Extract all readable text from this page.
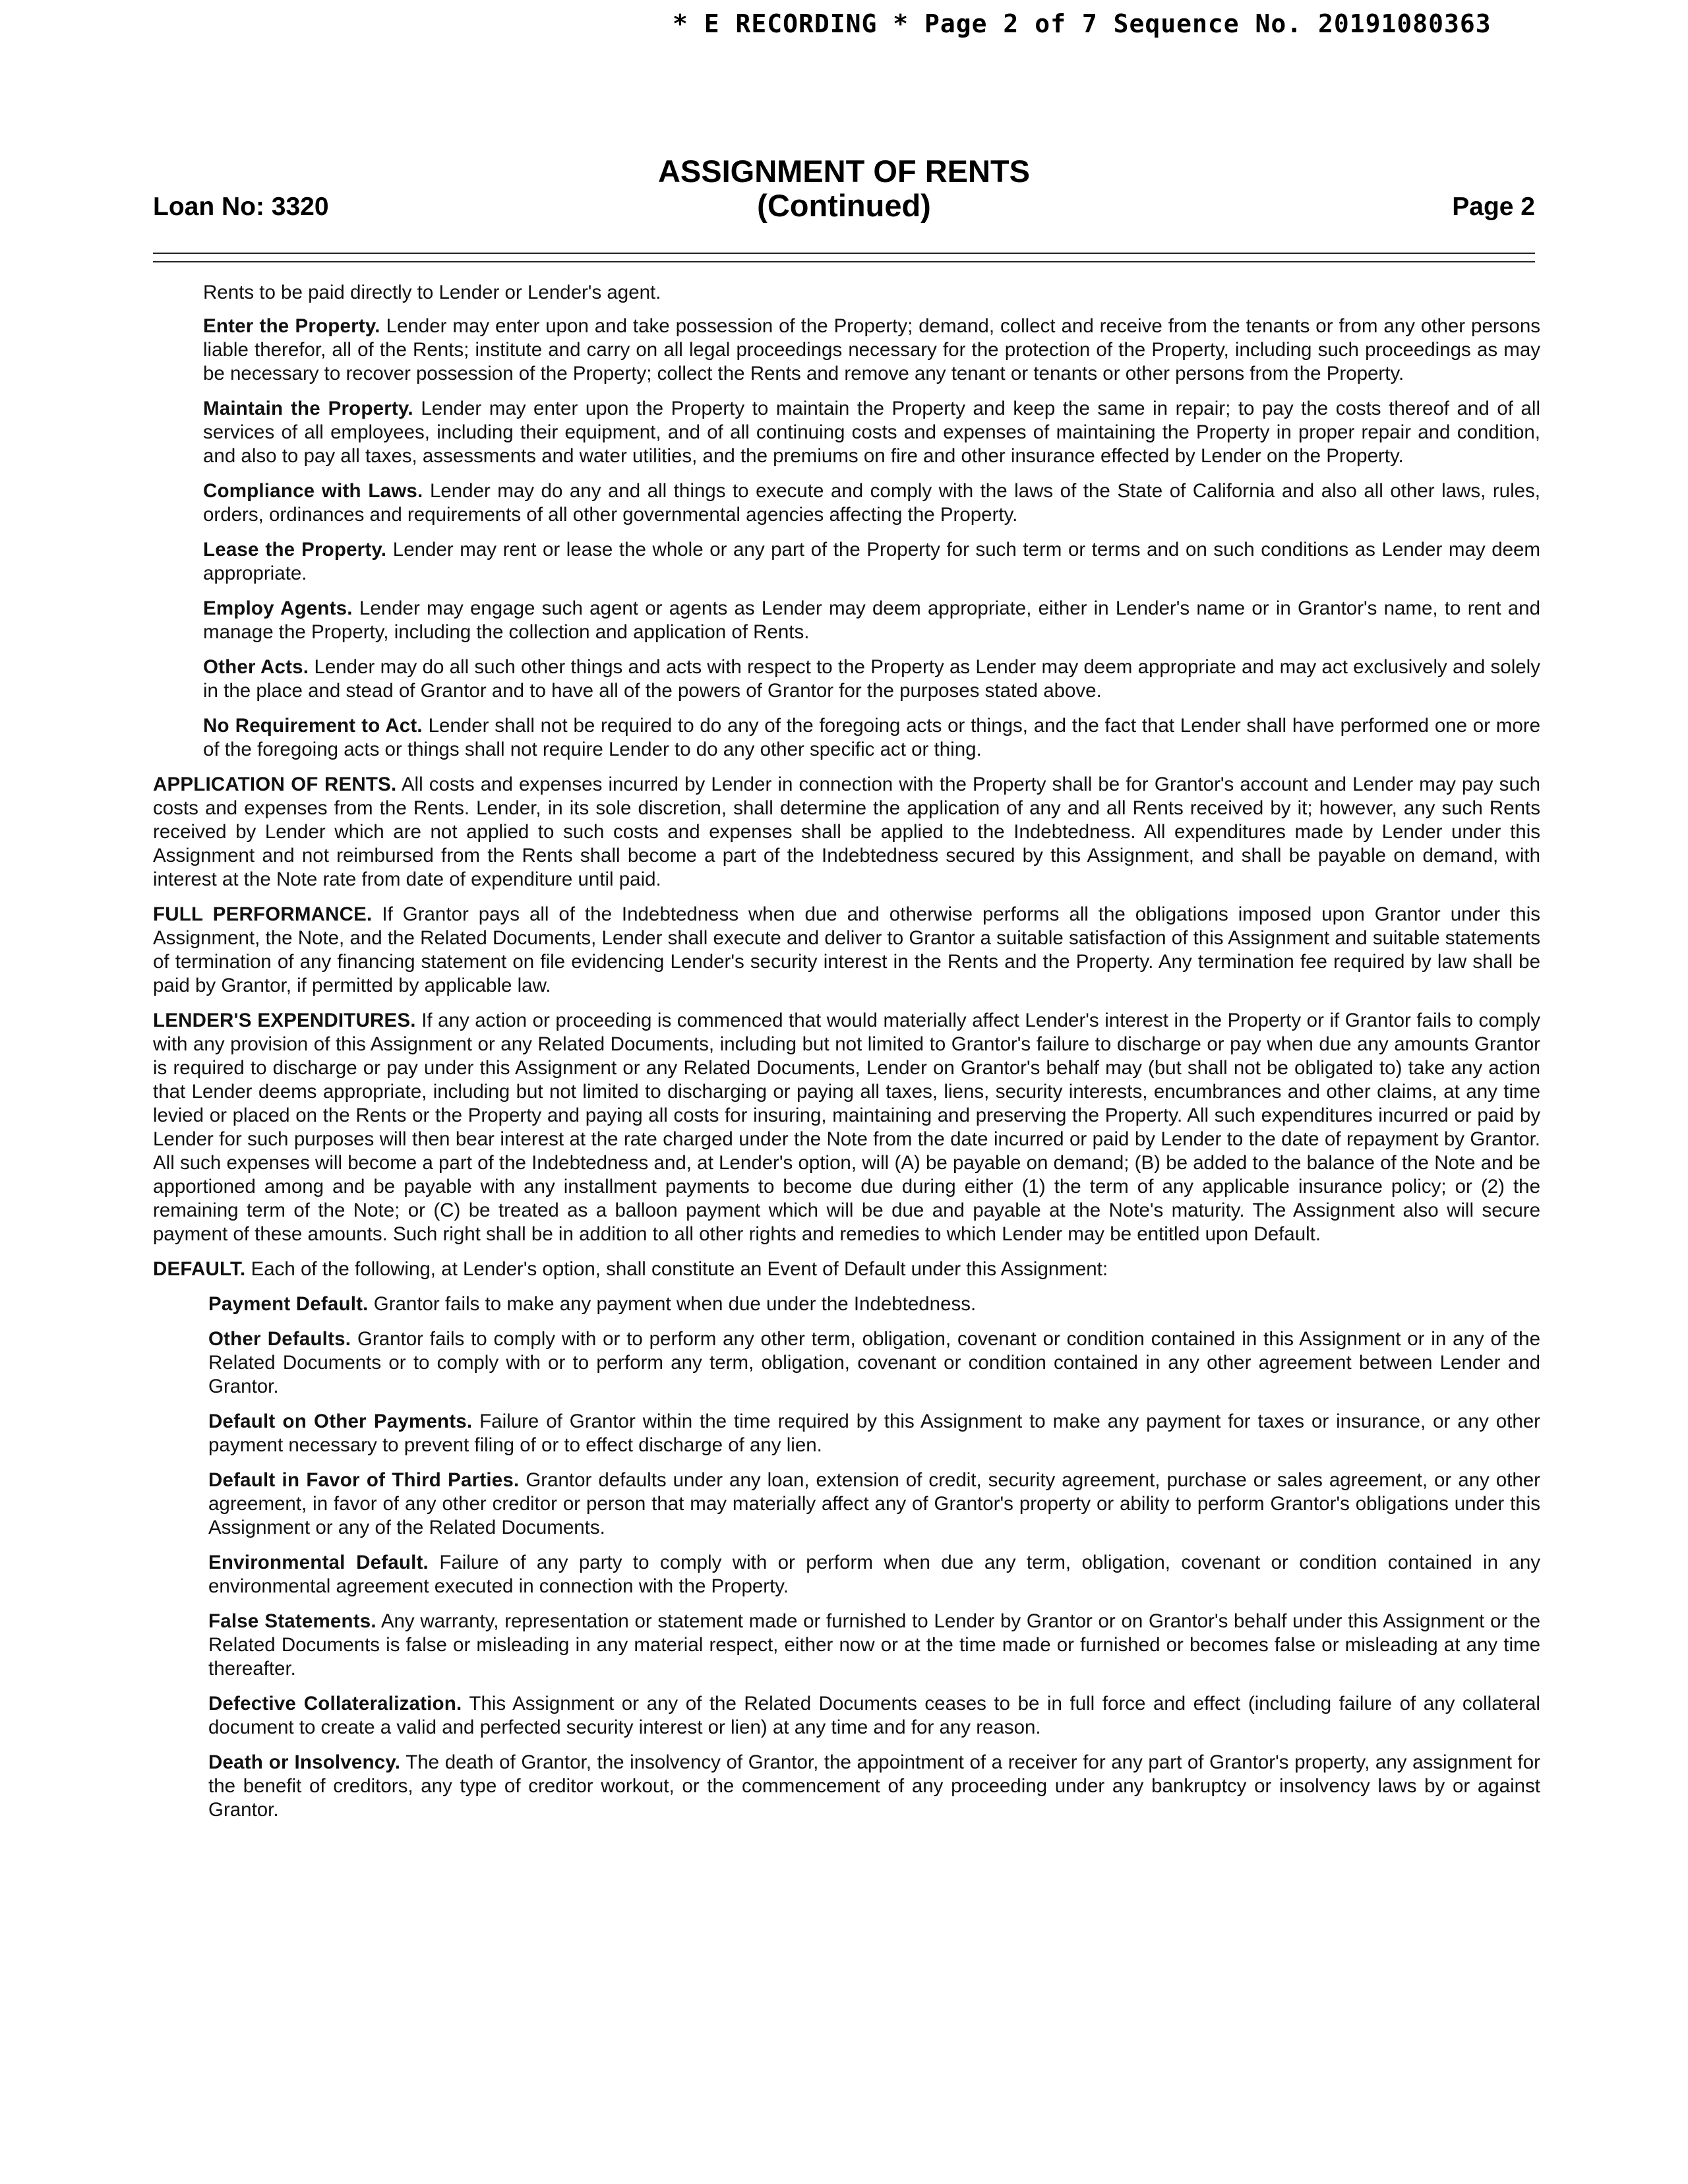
* E RECORDING * Page 2 of 7 Sequence No. 20191080363
ASSIGNMENT OF RENTS
(Continued)
Loan No: 3320	Page 2

Rents to be paid directly to Lender or Lender's agent.

Enter the Property. Lender may enter upon and take possession of the Property; demand, collect and receive from the tenants or from any other persons liable therefor, all of the Rents; institute and carry on all legal proceedings necessary for the protection of the Property, including such proceedings as may be necessary to recover possession of the Property; collect the Rents and remove any tenant or tenants or other persons from the Property.

Maintain the Property. Lender may enter upon the Property to maintain the Property and keep the same in repair; to pay the costs thereof and of all services of all employees, including their equipment, and of all continuing costs and expenses of maintaining the Property in proper repair and condition, and also to pay all taxes, assessments and water utilities, and the premiums on fire and other insurance effected by Lender on the Property.

Compliance with Laws. Lender may do any and all things to execute and comply with the laws of the State of California and also all other laws, rules, orders, ordinances and requirements of all other governmental agencies affecting the Property.

Lease the Property. Lender may rent or lease the whole or any part of the Property for such term or terms and on such conditions as Lender may deem appropriate.

Employ Agents. Lender may engage such agent or agents as Lender may deem appropriate, either in Lender's name or in Grantor's name, to rent and manage the Property, including the collection and application of Rents.

Other Acts. Lender may do all such other things and acts with respect to the Property as Lender may deem appropriate and may act exclusively and solely in the place and stead of Grantor and to have all of the powers of Grantor for the purposes stated above.

No Requirement to Act. Lender shall not be required to do any of the foregoing acts or things, and the fact that Lender shall have performed one or more of the foregoing acts or things shall not require Lender to do any other specific act or thing.

APPLICATION OF RENTS. All costs and expenses incurred by Lender in connection with the Property shall be for Grantor's account and Lender may pay such costs and expenses from the Rents. Lender, in its sole discretion, shall determine the application of any and all Rents received by it; however, any such Rents received by Lender which are not applied to such costs and expenses shall be applied to the Indebtedness. All expenditures made by Lender under this Assignment and not reimbursed from the Rents shall become a part of the Indebtedness secured by this Assignment, and shall be payable on demand, with interest at the Note rate from date of expenditure until paid.

FULL PERFORMANCE. If Grantor pays all of the Indebtedness when due and otherwise performs all the obligations imposed upon Grantor under this Assignment, the Note, and the Related Documents, Lender shall execute and deliver to Grantor a suitable satisfaction of this Assignment and suitable statements of termination of any financing statement on file evidencing Lender's security interest in the Rents and the Property. Any termination fee required by law shall be paid by Grantor, if permitted by applicable law.

LENDER'S EXPENDITURES. If any action or proceeding is commenced that would materially affect Lender's interest in the Property or if Grantor fails to comply with any provision of this Assignment or any Related Documents, including but not limited to Grantor's failure to discharge or pay when due any amounts Grantor is required to discharge or pay under this Assignment or any Related Documents, Lender on Grantor's behalf may (but shall not be obligated to) take any action that Lender deems appropriate, including but not limited to discharging or paying all taxes, liens, security interests, encumbrances and other claims, at any time levied or placed on the Rents or the Property and paying all costs for insuring, maintaining and preserving the Property. All such expenditures incurred or paid by Lender for such purposes will then bear interest at the rate charged under the Note from the date incurred or paid by Lender to the date of repayment by Grantor. All such expenses will become a part of the Indebtedness and, at Lender's option, will (A) be payable on demand; (B) be added to the balance of the Note and be apportioned among and be payable with any installment payments to become due during either (1) the term of any applicable insurance policy; or (2) the remaining term of the Note; or (C) be treated as a balloon payment which will be due and payable at the Note's maturity. The Assignment also will secure payment of these amounts. Such right shall be in addition to all other rights and remedies to which Lender may be entitled upon Default.

DEFAULT. Each of the following, at Lender's option, shall constitute an Event of Default under this Assignment:

Payment Default. Grantor fails to make any payment when due under the Indebtedness.

Other Defaults. Grantor fails to comply with or to perform any other term, obligation, covenant or condition contained in this Assignment or in any of the Related Documents or to comply with or to perform any term, obligation, covenant or condition contained in any other agreement between Lender and Grantor.

Default on Other Payments. Failure of Grantor within the time required by this Assignment to make any payment for taxes or insurance, or any other payment necessary to prevent filing of or to effect discharge of any lien.

Default in Favor of Third Parties. Grantor defaults under any loan, extension of credit, security agreement, purchase or sales agreement, or any other agreement, in favor of any other creditor or person that may materially affect any of Grantor's property or ability to perform Grantor's obligations under this Assignment or any of the Related Documents.

Environmental Default. Failure of any party to comply with or perform when due any term, obligation, covenant or condition contained in any environmental agreement executed in connection with the Property.

False Statements. Any warranty, representation or statement made or furnished to Lender by Grantor or on Grantor's behalf under this Assignment or the Related Documents is false or misleading in any material respect, either now or at the time made or furnished or becomes false or misleading at any time thereafter.

Defective Collateralization. This Assignment or any of the Related Documents ceases to be in full force and effect (including failure of any collateral document to create a valid and perfected security interest or lien) at any time and for any reason.

Death or Insolvency. The death of Grantor, the insolvency of Grantor, the appointment of a receiver for any part of Grantor's property, any assignment for the benefit of creditors, any type of creditor workout, or the commencement of any proceeding under any bankruptcy or insolvency laws by or against Grantor.
